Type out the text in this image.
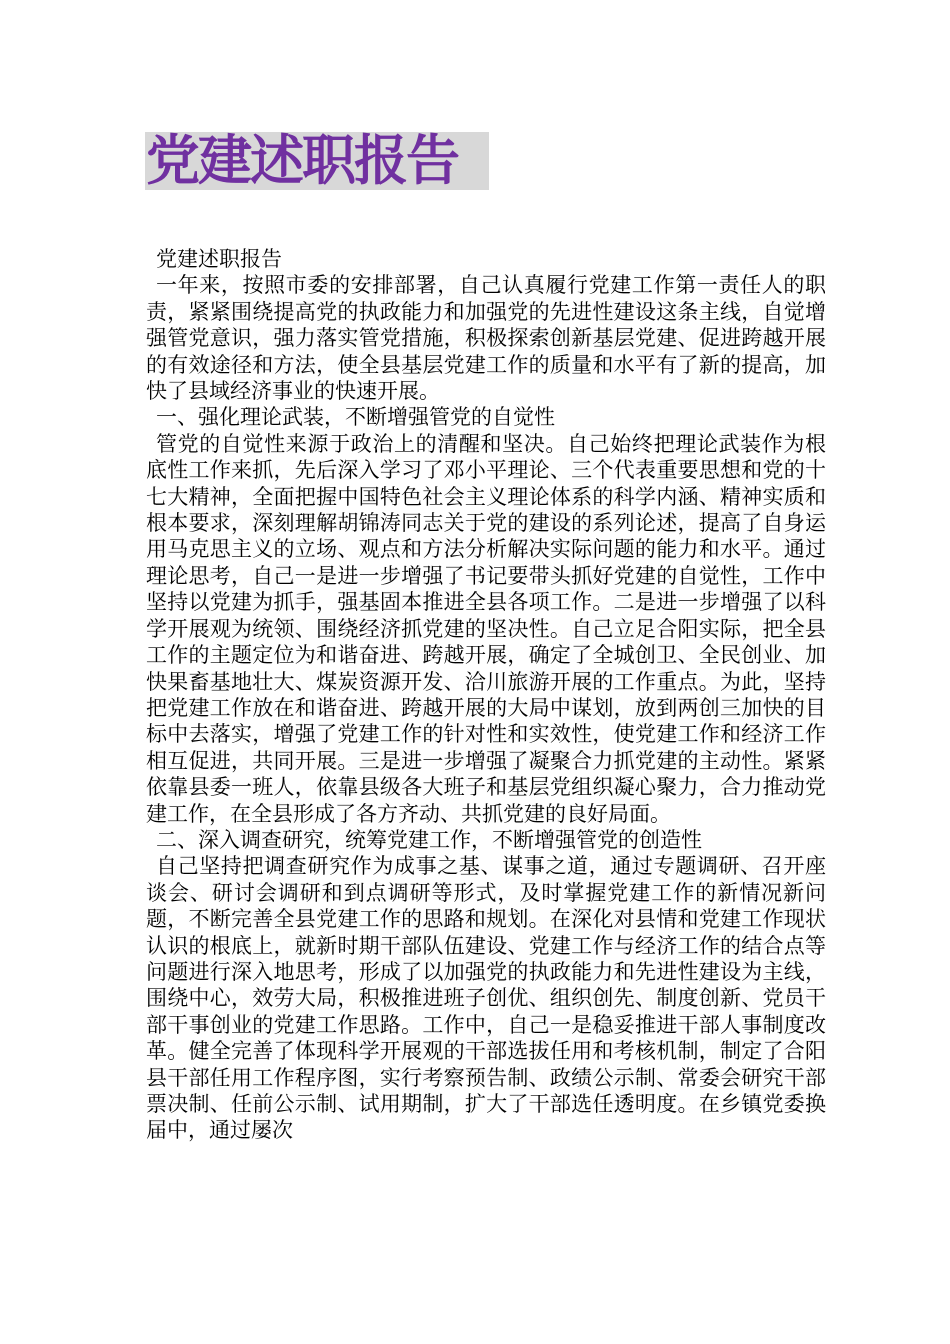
党建述职报告

党建述职报告

一年来，按照市委的安排部署，自己认真履行党建工作第一责任人的职责，紧紧围绕提高党的执政能力和加强党的先进性建设这条主线，自觉增强管党意识，强力落实管党措施，积极探索创新基层党建、促进跨越开展的有效途径和方法，使全县基层党建工作的质量和水平有了新的提高，加快了县域经济事业的快速开展。

一、强化理论武装，不断增强管党的自觉性

管党的自觉性来源于政治上的清醒和坚决。自己始终把理论武装作为根底性工作来抓，先后深入学习了邓小平理论、三个代表重要思想和党的十七大精神，全面把握中国特色社会主义理论体系的科学内涵、精神实质和根本要求，深刻理解胡锦涛同志关于党的建设的系列论述，提高了自身运用马克思主义的立场、观点和方法分析解决实际问题的能力和水平。通过理论思考，自己一是进一步增强了书记要带头抓好党建的自觉性，工作中坚持以党建为抓手，强基固本推进全县各项工作。二是进一步增强了以科学开展观为统领、围绕经济抓党建的坚决性。自己立足合阳实际，把全县工作的主题定位为和谐奋进、跨越开展，确定了全城创卫、全民创业、加快果畜基地壮大、煤炭资源开发、洽川旅游开展的工作重点。为此，坚持把党建工作放在和谐奋进、跨越开展的大局中谋划，放到两创三加快的目标中去落实，增强了党建工作的针对性和实效性，使党建工作和经济工作相互促进，共同开展。三是进一步增强了凝聚合力抓党建的主动性。紧紧依靠县委一班人，依靠县级各大班子和基层党组织凝心聚力，合力推动党建工作，在全县形成了各方齐动、共抓党建的良好局面。

二、深入调查研究，统筹党建工作，不断增强管党的创造性

自己坚持把调查研究作为成事之基、谋事之道，通过专题调研、召开座谈会、研讨会调研和到点调研等形式，及时掌握党建工作的新情况新问题，不断完善全县党建工作的思路和规划。在深化对县情和党建工作现状认识的根底上，就新时期干部队伍建设、党建工作与经济工作的结合点等问题进行深入地思考，形成了以加强党的执政能力和先进性建设为主线，围绕中心，效劳大局，积极推进班子创优、组织创先、制度创新、党员干部干事创业的党建工作思路。工作中，自己一是稳妥推进干部人事制度改革。健全完善了体现科学开展观的干部选拔任用和考核机制，制定了合阳县干部任用工作程序图，实行考察预告制、政绩公示制、常委会研究干部票决制、任前公示制、试用期制，扩大了干部选任透明度。在乡镇党委换届中，通过屡次
